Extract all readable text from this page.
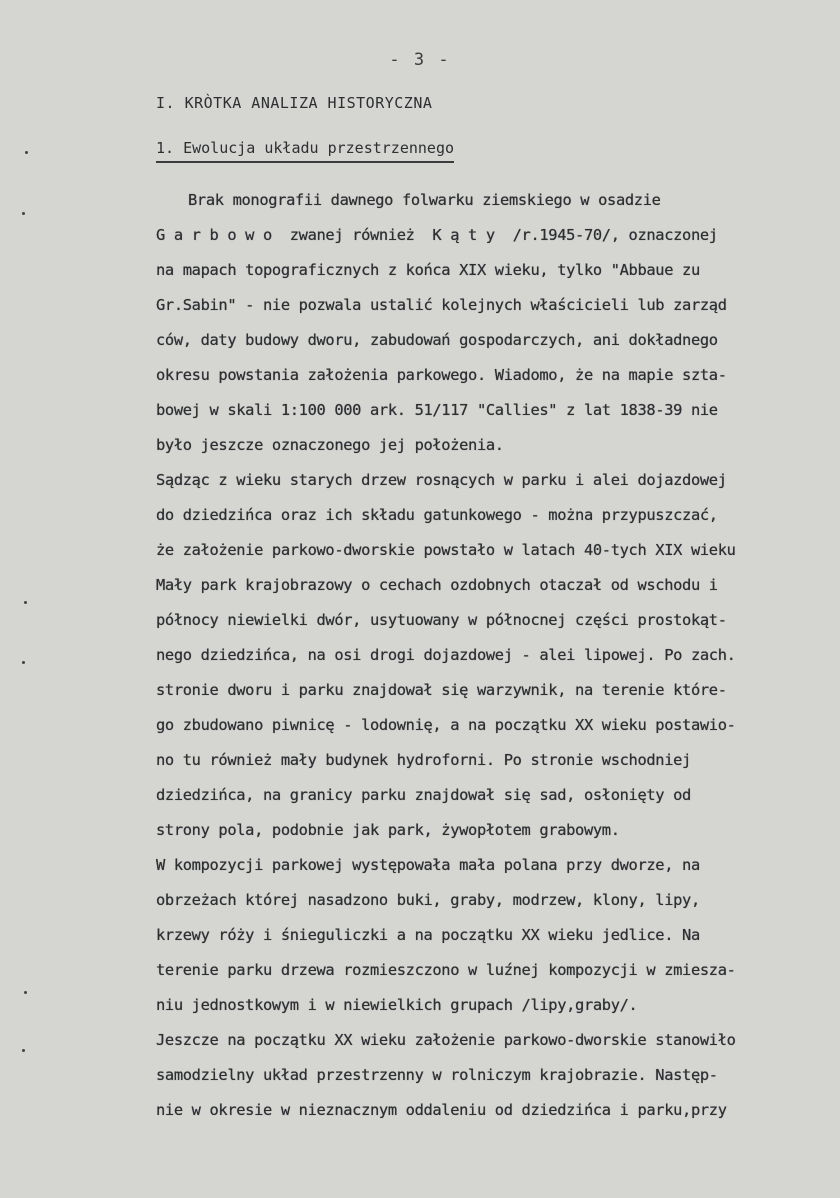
- 3 -
I. KRÒTKA ANALIZA HISTORYCZNA
1. Ewolucja układu przestrzennego
Brak monografii dawnego folwarku ziemskiego w osadzie
G a r b o w o  zwanej również  K ą t y  /r.1945-70/, oznaczonej
na mapach topograficznych z końca XIX wieku, tylko "Abbaue zu
Gr.Sabin" - nie pozwala ustalić kolejnych właścicieli lub zarząd
ców, daty budowy dworu, zabudowań gospodarczych, ani dokładnego
okresu powstania założenia parkowego. Wiadomo, że na mapie szta-
bowej w skali 1:100 000 ark. 51/117 "Callies" z lat 1838-39 nie
było jeszcze oznaczonego jej położenia.
Sądząc z wieku starych drzew rosnących w parku i alei dojazdowej
do dziedzińca oraz ich składu gatunkowego - można przypuszczać,
że założenie parkowo-dworskie powstało w latach 40-tych XIX wieku
Mały park krajobrazowy o cechach ozdobnych otaczał od wschodu i
północy niewielki dwór, usytuowany w północnej części prostokąt-
nego dziedzińca, na osi drogi dojazdowej - alei lipowej. Po zach.
stronie dworu i parku znajdował się warzywnik, na terenie które-
go zbudowano piwnicę - lodownię, a na początku XX wieku postawio-
no tu również mały budynek hydroforni. Po stronie wschodniej
dziedzińca, na granicy parku znajdował się sad, osłonięty od
strony pola, podobnie jak park, żywopłotem grabowym.
W kompozycji parkowej występowała mała polana przy dworze, na
obrzeżach której nasadzono buki, graby, modrzew, klony, lipy,
krzewy róży i śnieguliczki a na początku XX wieku jedlice. Na
terenie parku drzewa rozmieszczono w luźnej kompozycji w zmiesza-
niu jednostkowym i w niewielkich grupach /lipy,graby/.
Jeszcze na początku XX wieku założenie parkowo-dworskie stanowiło
samodzielny układ przestrzenny w rolniczym krajobrazie. Następ-
nie w okresie w nieznacznym oddaleniu od dziedzińca i parku,przy
